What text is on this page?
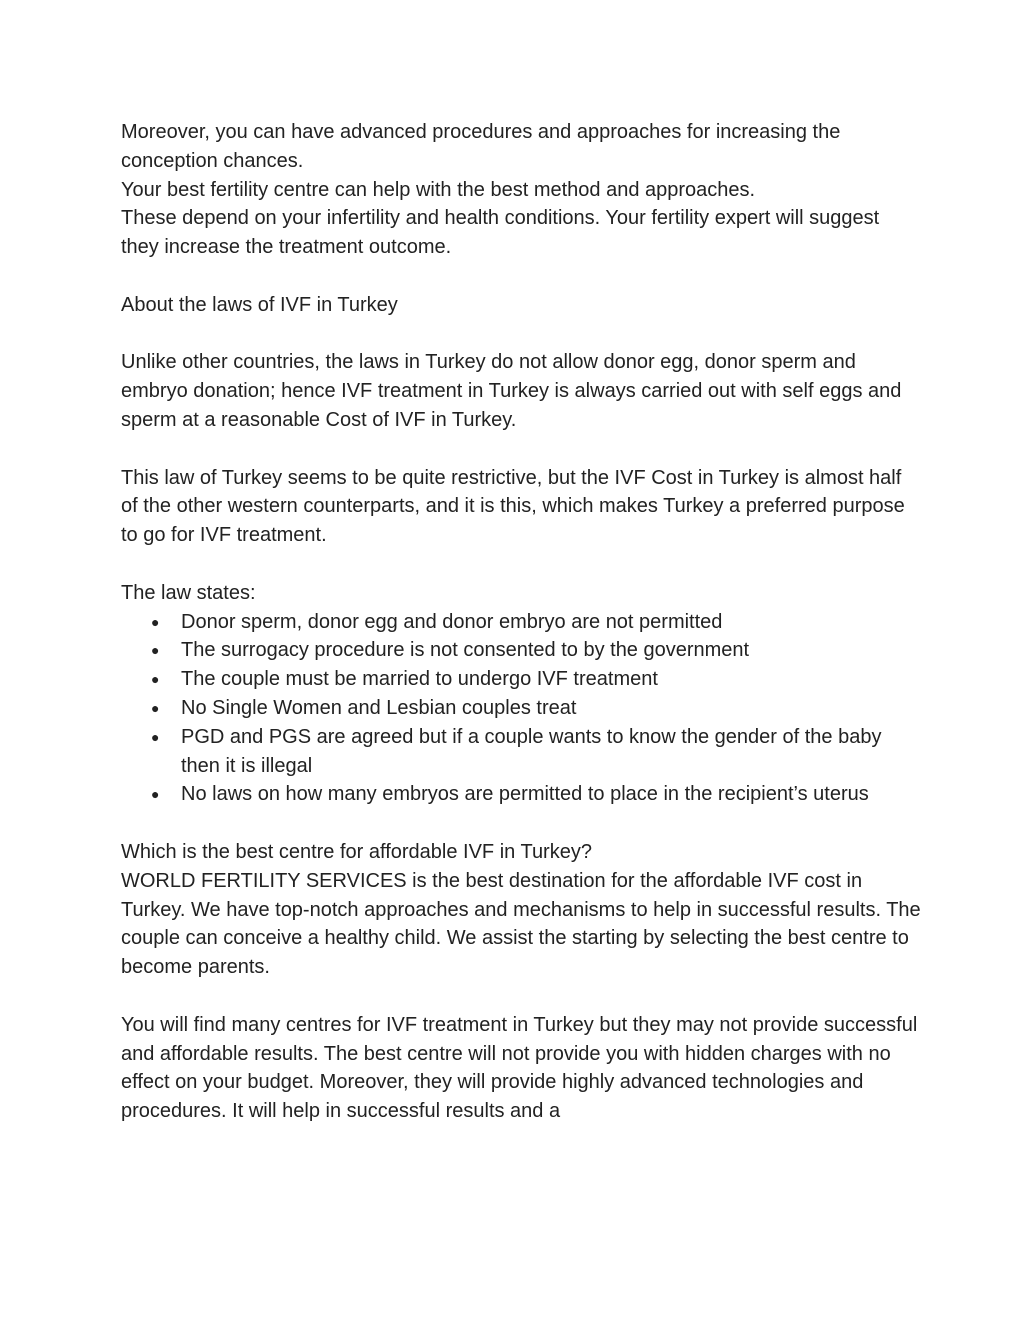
Moreover, you can have advanced procedures and approaches for increasing the conception chances.

Your best fertility centre can help with the best method and approaches.

These depend on your infertility and health conditions. Your fertility expert will suggest they increase the treatment outcome.

About the laws of IVF in Turkey

Unlike other countries, the laws in Turkey do not allow donor egg, donor sperm and embryo donation; hence IVF treatment in Turkey is always carried out with self eggs and sperm at a reasonable Cost of IVF in Turkey.

This law of Turkey seems to be quite restrictive, but the IVF Cost in Turkey is almost half of the other western counterparts, and it is this, which makes Turkey a preferred purpose to go for IVF treatment.

The law states:

● Donor sperm, donor egg and donor embryo are not permitted
● The surrogacy procedure is not consented to by the government
● The couple must be married to undergo IVF treatment
● No Single Women and Lesbian couples treat
● PGD and PGS are agreed but if a couple wants to know the gender of the baby then it is illegal
● No laws on how many embryos are permitted to place in the recipient’s uterus

Which is the best centre for affordable IVF in Turkey?

WORLD FERTILITY SERVICES is the best destination for the affordable IVF cost in Turkey. We have top-notch approaches and mechanisms to help in successful results. The couple can conceive a healthy child. We assist the starting by selecting the best centre to become parents.

You will find many centres for IVF treatment in Turkey but they may not provide successful and affordable results. The best centre will not provide you with hidden charges with no effect on your budget. Moreover, they will provide highly advanced technologies and procedures. It will help in successful results and a
